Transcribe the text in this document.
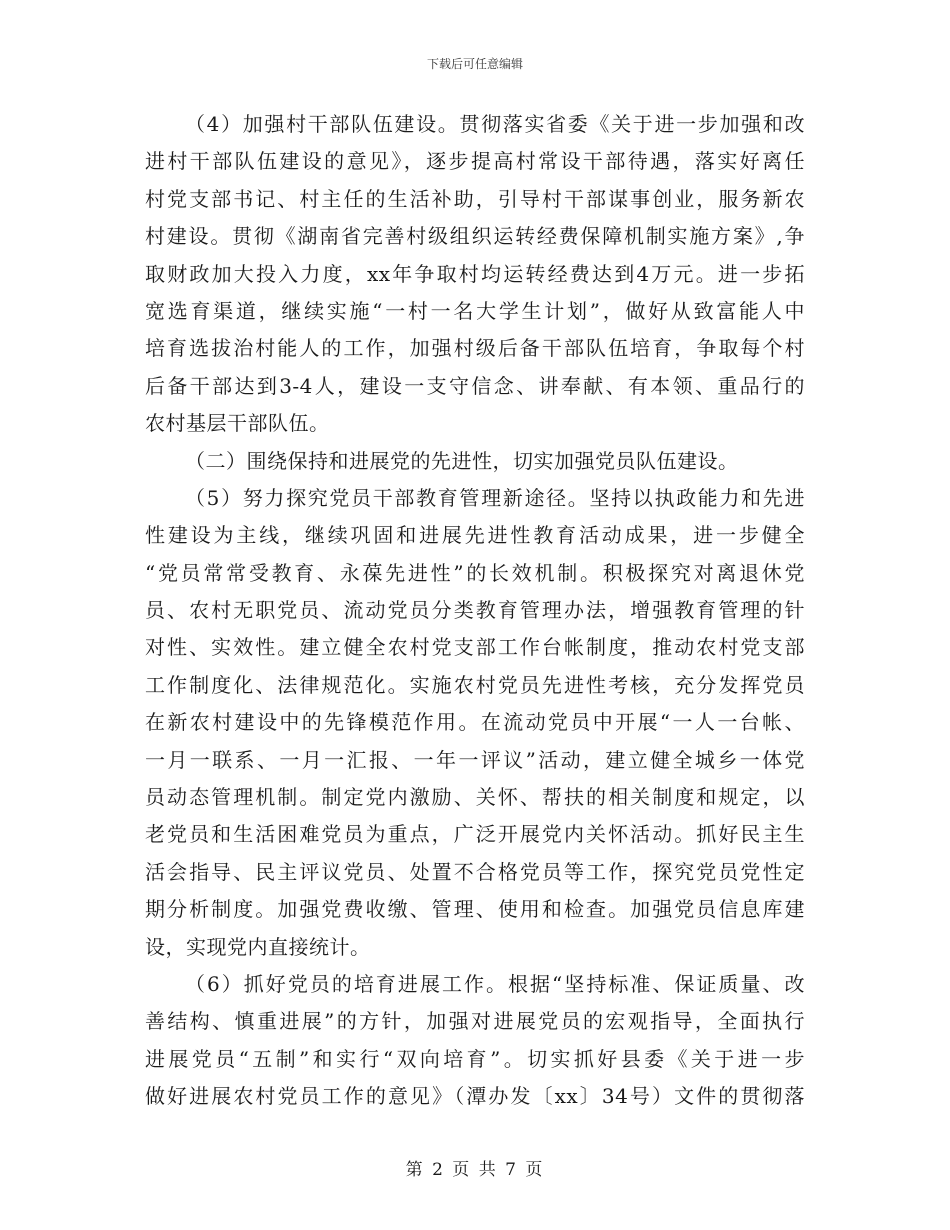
下载后可任意编辑
（4）加强村干部队伍建设。贯彻落实省委《关于进一步加强和改
进村干部队伍建设的意见》，逐步提高村常设干部待遇，落实好离任
村党支部书记、村主任的生活补助，引导村干部谋事创业，服务新农
村建设。贯彻《湖南省完善村级组织运转经费保障机制实施方案》,争
取财政加大投入力度，xx年争取村均运转经费达到4万元。进一步拓
宽选育渠道，继续实施“一村一名大学生计划”，做好从致富能人中
培育选拔治村能人的工作，加强村级后备干部队伍培育，争取每个村
后备干部达到3-4人，建设一支守信念、讲奉献、有本领、重品行的
农村基层干部队伍。
（二）围绕保持和进展党的先进性，切实加强党员队伍建设。
（5）努力探究党员干部教育管理新途径。坚持以执政能力和先进
性建设为主线，继续巩固和进展先进性教育活动成果，进一步健全
“党员常常受教育、永葆先进性”的长效机制。积极探究对离退休党
员、农村无职党员、流动党员分类教育管理办法，增强教育管理的针
对性、实效性。建立健全农村党支部工作台帐制度，推动农村党支部
工作制度化、法律规范化。实施农村党员先进性考核，充分发挥党员
在新农村建设中的先锋模范作用。在流动党员中开展“一人一台帐、
一月一联系、一月一汇报、一年一评议”活动，建立健全城乡一体党
员动态管理机制。制定党内激励、关怀、帮扶的相关制度和规定，以
老党员和生活困难党员为重点，广泛开展党内关怀活动。抓好民主生
活会指导、民主评议党员、处置不合格党员等工作，探究党员党性定
期分析制度。加强党费收缴、管理、使用和检查。加强党员信息库建
设，实现党内直接统计。
（6）抓好党员的培育进展工作。根据“坚持标准、保证质量、改
善结构、慎重进展”的方针，加强对进展党员的宏观指导，全面执行
进展党员“五制”和实行“双向培育”。切实抓好县委《关于进一步
做好进展农村党员工作的意见》（潭办发〔xx〕34号）文件的贯彻落
第 2 页 共 7 页
